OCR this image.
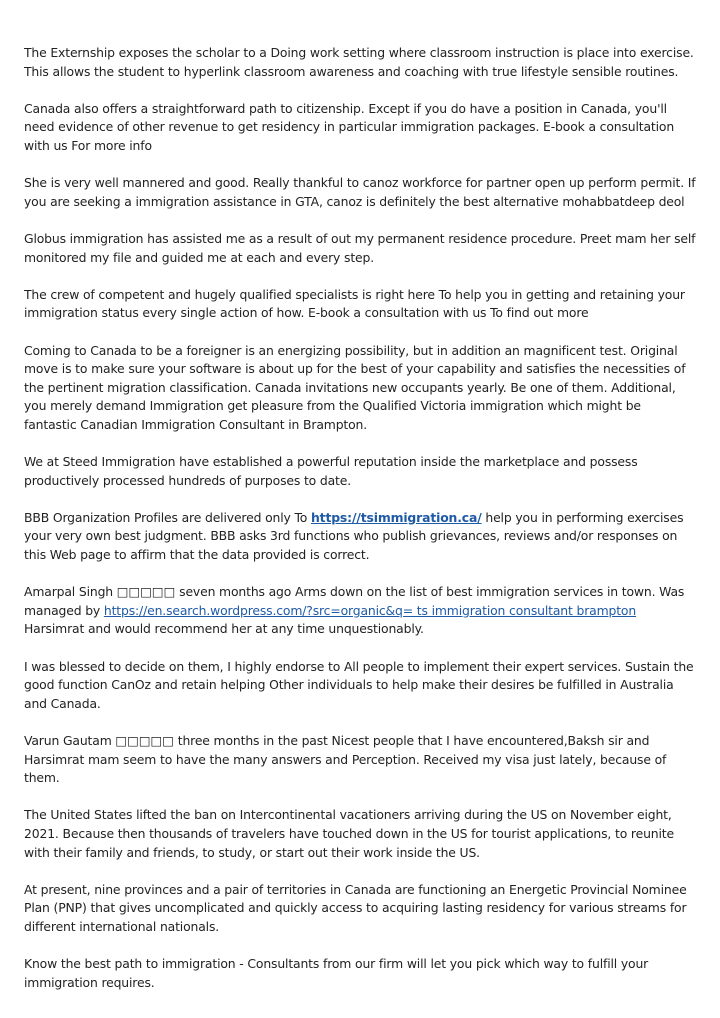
The Externship exposes the scholar to a Doing work setting where classroom instruction is place into exercise. This allows the student to hyperlink classroom awareness and coaching with true lifestyle sensible routines.

Canada also offers a straightforward path to citizenship. Except if you do have a position in Canada, you'll need evidence of other revenue to get residency in particular immigration packages. E-book a consultation with us For more info

She is very well mannered and good. Really thankful to canoz workforce for partner open up perform permit. If you are seeking a immigration assistance in GTA, canoz is definitely the best alternative mohabbatdeep deol

Globus immigration has assisted me as a result of out my permanent residence procedure. Preet mam her self monitored my file and guided me at each and every step.

The crew of competent and hugely qualified specialists is right here To help you in getting and retaining your immigration status every single action of how. E-book a consultation with us To find out more

Coming to Canada to be a foreigner is an energizing possibility, but in addition an magnificent test. Original move is to make sure your software is about up for the best of your capability and satisfies the necessities of the pertinent migration classification. Canada invitations new occupants yearly. Be one of them. Additional, you merely demand Immigration get pleasure from the Qualified Victoria immigration which might be fantastic Canadian Immigration Consultant in Brampton.

We at Steed Immigration have established a powerful reputation inside the marketplace and possess productively processed hundreds of purposes to date.

BBB Organization Profiles are delivered only To https://tsimmigration.ca/ help you in performing exercises your very own best judgment. BBB asks 3rd functions who publish grievances, reviews and/or responses on this Web page to affirm that the data provided is correct.

Amarpal Singh □□□□□ seven months ago Arms down on the list of best immigration services in town. Was managed by https://en.search.wordpress.com/?src=organic&q= ts immigration consultant brampton Harsimrat and would recommend her at any time unquestionably.

I was blessed to decide on them, I highly endorse to All people to implement their expert services. Sustain the good function CanOz and retain helping Other individuals to help make their desires be fulfilled in Australia and Canada.

Varun Gautam □□□□□ three months in the past Nicest people that I have encountered,Baksh sir and Harsimrat mam seem to have the many answers and Perception. Received my visa just lately, because of them.

The United States lifted the ban on Intercontinental vacationers arriving during the US on November eight, 2021. Because then thousands of travelers have touched down in the US for tourist applications, to reunite with their family and friends, to study, or start out their work inside the US.

At present, nine provinces and a pair of territories in Canada are functioning an Energetic Provincial Nominee Plan (PNP) that gives uncomplicated and quickly access to acquiring lasting residency for various streams for different international nationals.

Know the best path to immigration - Consultants from our firm will let you pick which way to fulfill your immigration requires.
